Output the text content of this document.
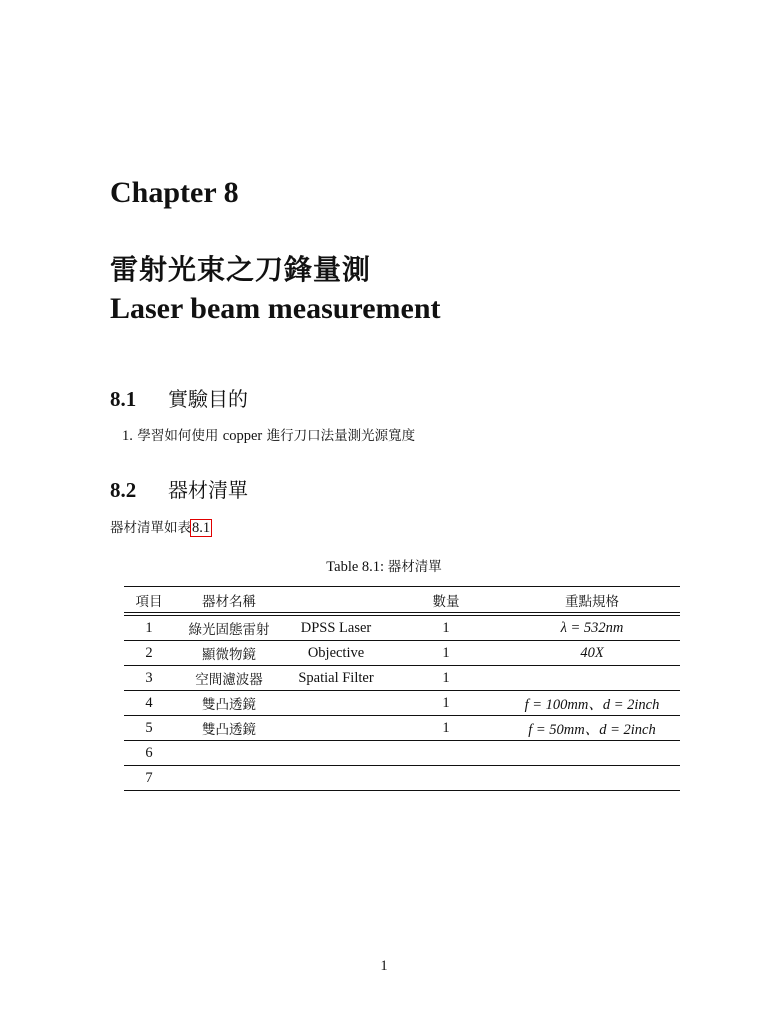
Chapter 8
雷射光束之刀鋒量測
Laser beam measurement
8.1 實驗目的
1. 學習如何使用 copper 進行刀口法量測光源寬度
8.2 器材清單

器材清單如表8.1

Table 8.1: 器材清單
項目	器材名稱		數量	重點規格
1	綠光固態雷射	DPSS Laser	1	λ = 532nm
2	顯微物鏡	Objective	1	40X
3	空間濾波器	Spatial Filter	1	
4	雙凸透鏡		1	f = 100mm、d = 2inch
5	雙凸透鏡		1	f = 50mm、d = 2inch
6				
7				
1
